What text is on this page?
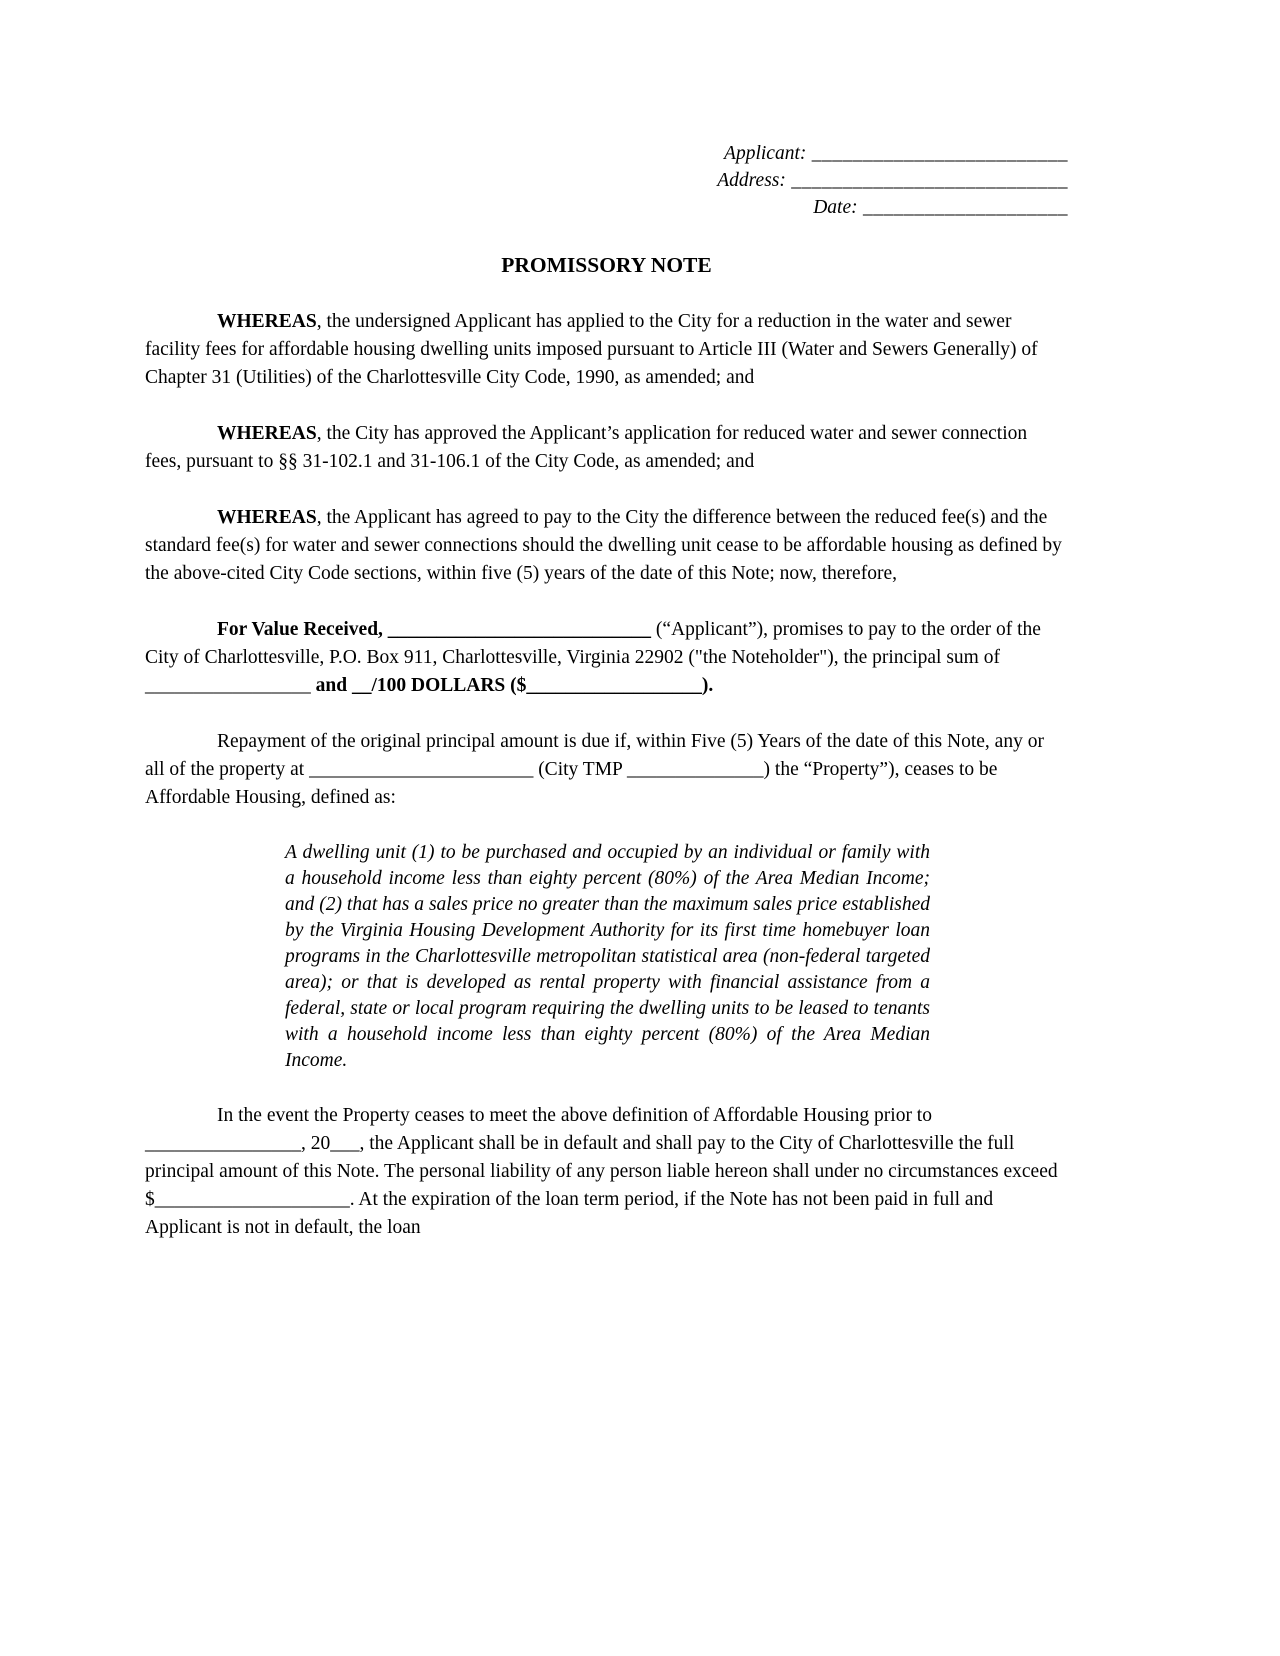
Applicant: _________________________
Address: ___________________________
Date: ____________________
PROMISSORY NOTE

WHEREAS, the undersigned Applicant has applied to the City for a reduction in the water and sewer facility fees for affordable housing dwelling units imposed pursuant to Article III (Water and Sewers Generally) of Chapter 31 (Utilities) of the Charlottesville City Code, 1990, as amended; and

WHEREAS, the City has approved the Applicant’s application for reduced water and sewer connection fees, pursuant to §§ 31-102.1 and 31-106.1 of the City Code, as amended; and

WHEREAS, the Applicant has agreed to pay to the City the difference between the reduced fee(s) and the standard fee(s) for water and sewer connections should the dwelling unit cease to be affordable housing as defined by the above-cited City Code sections, within five (5) years of the date of this Note; now, therefore,

For Value Received, ___________________________ (“Applicant”), promises to pay to the order of the City of Charlottesville, P.O. Box 911, Charlottesville, Virginia 22902 ("the Noteholder"), the principal sum of _________________ and __/100 DOLLARS ($__________________).

Repayment of the original principal amount is due if, within Five (5) Years of the date of this Note, any or all of the property at _______________________ (City TMP ______________) the “Property”), ceases to be Affordable Housing, defined as:

A dwelling unit (1) to be purchased and occupied by an individual or family with a household income less than eighty percent (80%) of the Area Median Income; and (2) that has a sales price no greater than the maximum sales price established by the Virginia Housing Development Authority for its first time homebuyer loan programs in the Charlottesville metropolitan statistical area (non-federal targeted area); or that is developed as rental property with financial assistance from a federal, state or local program requiring the dwelling units to be leased to tenants with a household income less than eighty percent (80%) of the Area Median Income.

In the event the Property ceases to meet the above definition of Affordable Housing prior to ________________, 20___, the Applicant shall be in default and shall pay to the City of Charlottesville the full principal amount of this Note. The personal liability of any person liable hereon shall under no circumstances exceed $____________________. At the expiration of the loan term period, if the Note has not been paid in full and Applicant is not in default, the loan
